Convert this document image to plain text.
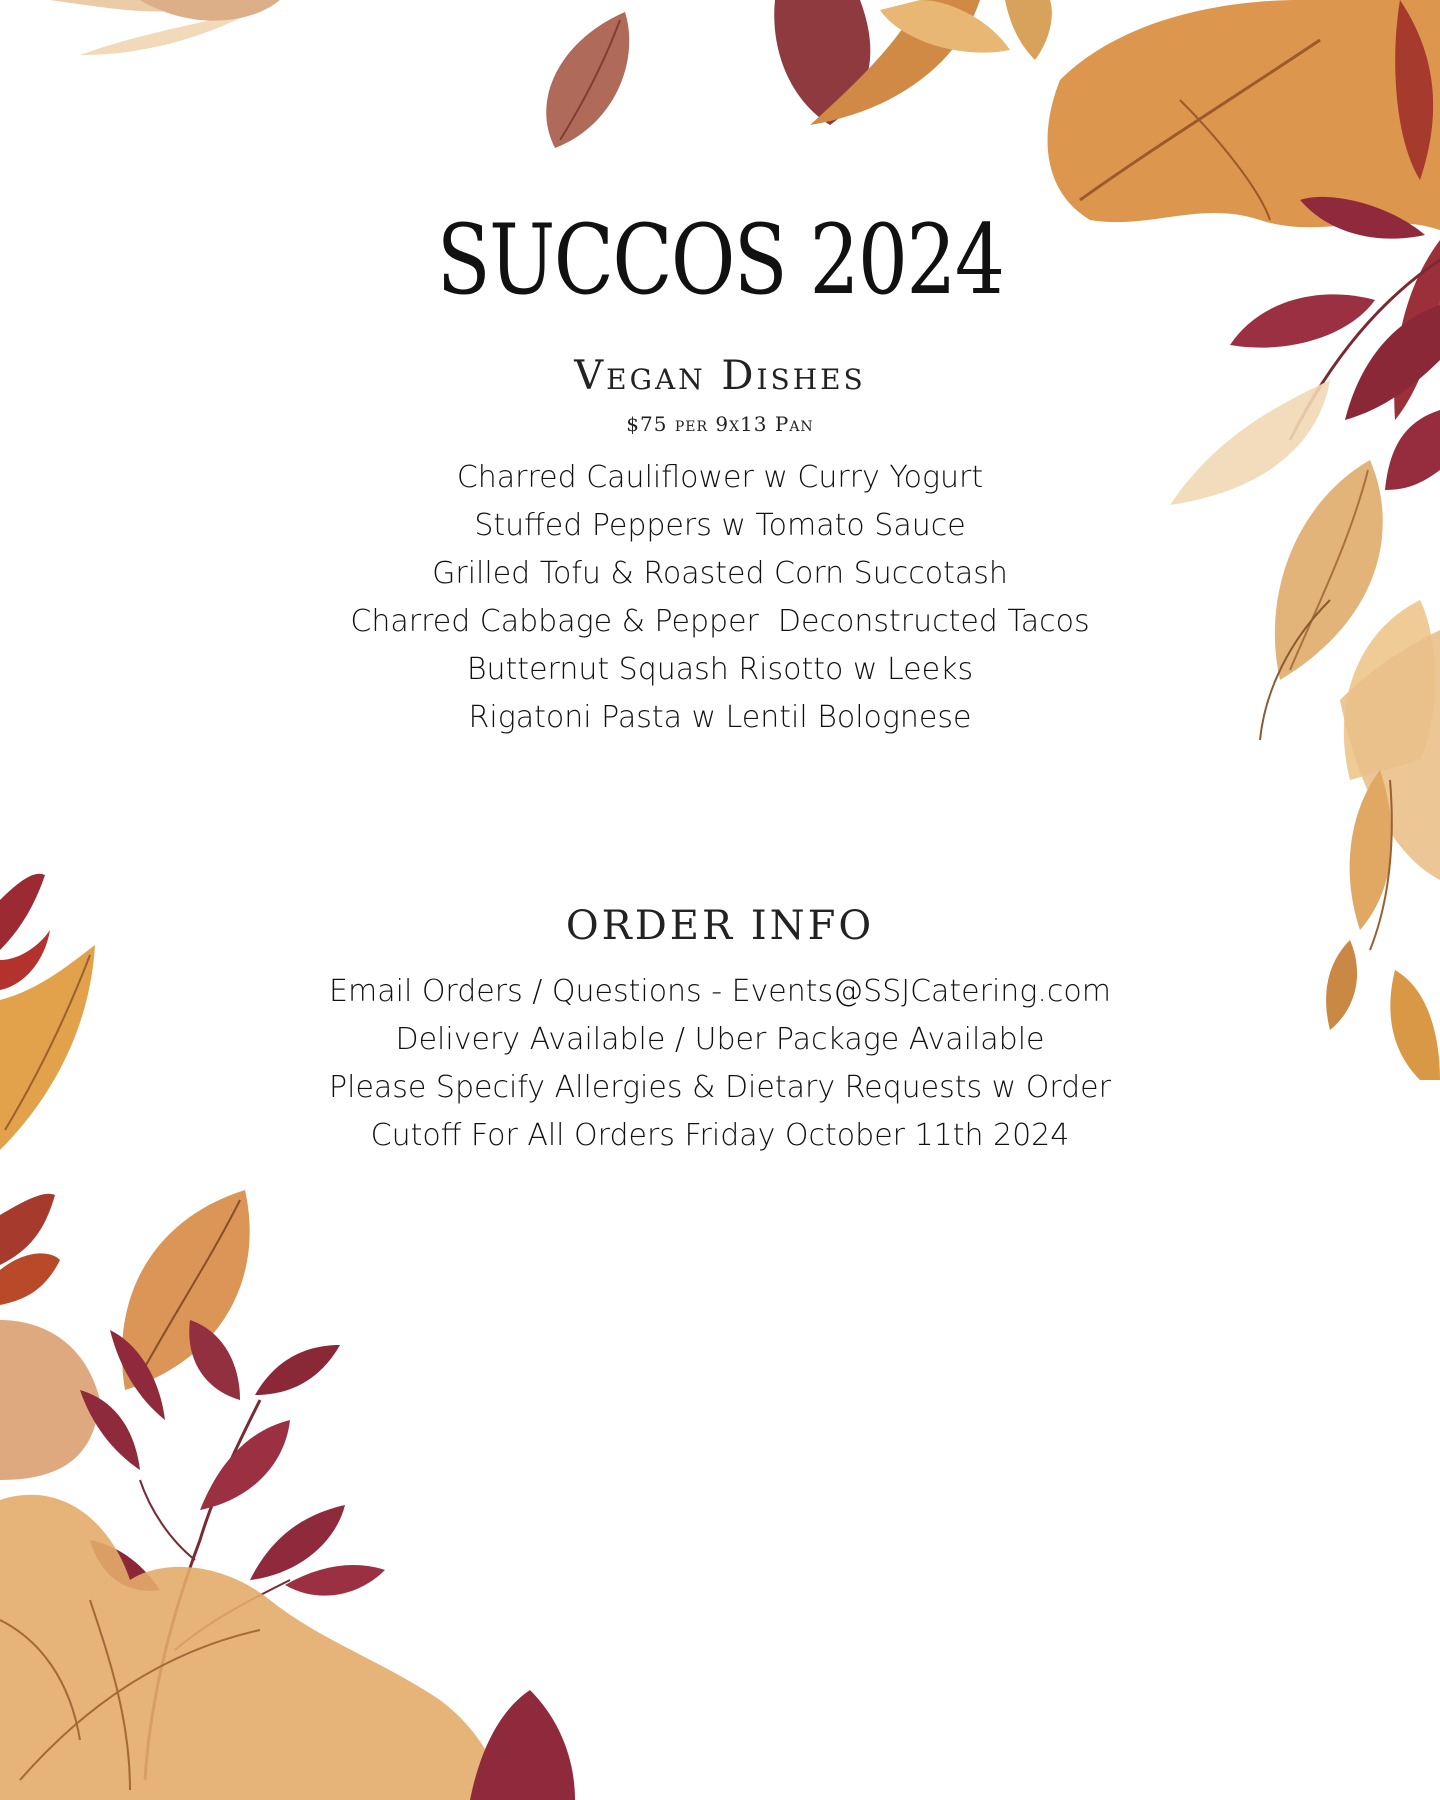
SUCCOS 2024
Vegan Dishes
$75 per 9x13 Pan
Charred Cauliflower w Curry Yogurt
Stuffed Peppers w Tomato Sauce
Grilled Tofu & Roasted Corn Succotash
Charred Cabbage & Pepper  Deconstructed Tacos
Butternut Squash Risotto w Leeks
Rigatoni Pasta w Lentil Bolognese
ORDER INFO
Email Orders / Questions - Events@SSJCatering.com
Delivery Available / Uber Package Available
Please Specify Allergies & Dietary Requests w Order
Cutoff For All Orders Friday October 11th 2024
